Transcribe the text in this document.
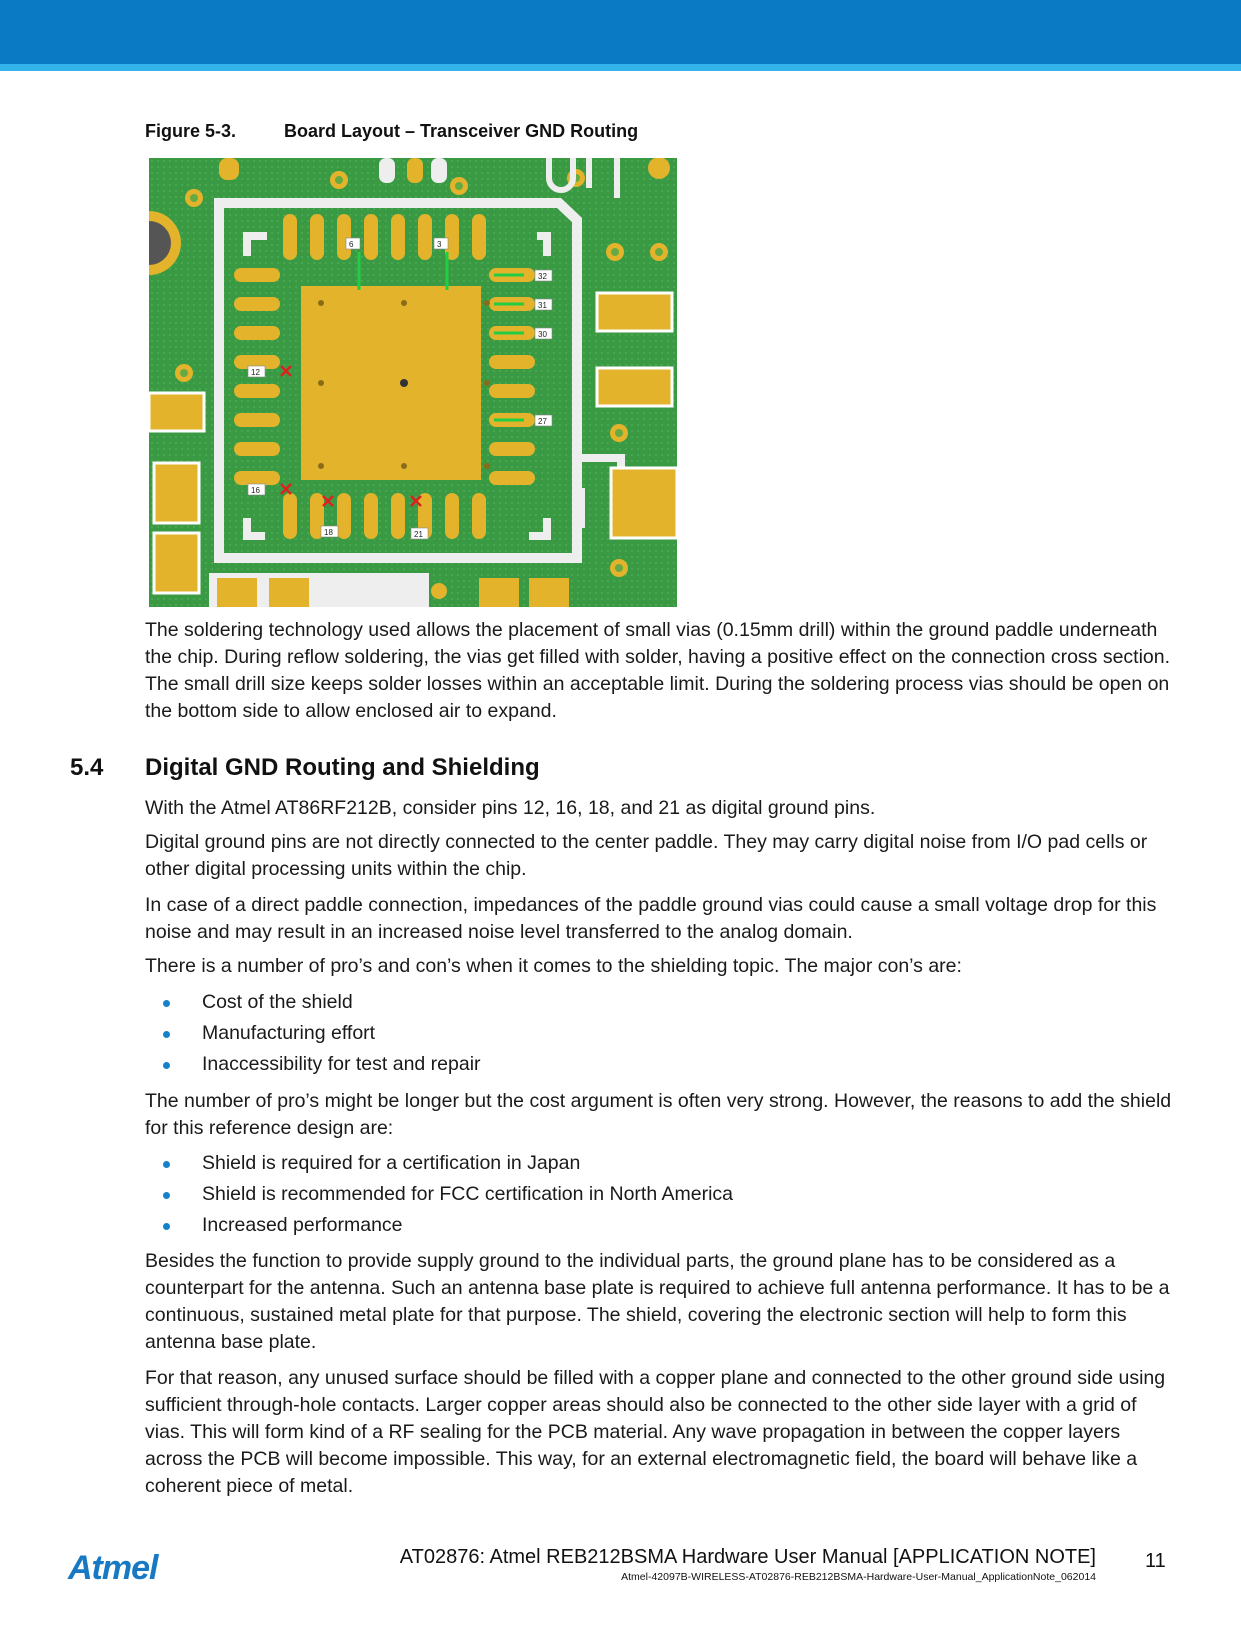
Figure 5-3.	Board Layout – Transceiver GND Routing
6	3
32
31
30
27
12
16
18	21

The soldering technology used allows the placement of small vias (0.15mm drill) within the ground paddle underneath the chip. During reflow soldering, the vias get filled with solder, having a positive effect on the connection cross section. The small drill size keeps solder losses within an acceptable limit. During the soldering process vias should be open on the bottom side to allow enclosed air to expand.

5.4 Digital GND Routing and Shielding

With the Atmel AT86RF212B, consider pins 12, 16, 18, and 21 as digital ground pins.

Digital ground pins are not directly connected to the center paddle. They may carry digital noise from I/O pad cells or other digital processing units within the chip.

In case of a direct paddle connection, impedances of the paddle ground vias could cause a small voltage drop for this noise and may result in an increased noise level transferred to the analog domain.

There is a number of pro’s and con’s when it comes to the shielding topic. The major con’s are:

Cost of the shield
Manufacturing effort
Inaccessibility for test and repair

The number of pro’s might be longer but the cost argument is often very strong. However, the reasons to add the shield for this reference design are:

Shield is required for a certification in Japan
Shield is recommended for FCC certification in North America
Increased performance

Besides the function to provide supply ground to the individual parts, the ground plane has to be considered as a counterpart for the antenna. Such an antenna base plate is required to achieve full antenna performance. It has to be a continuous, sustained metal plate for that purpose. The shield, covering the electronic section will help to form this antenna base plate.

For that reason, any unused surface should be filled with a copper plane and connected to the other ground side using sufficient through-hole contacts. Larger copper areas should also be connected to the other side layer with a grid of vias. This will form kind of a RF sealing for the PCB material. Any wave propagation in between the copper layers across the PCB will become impossible. This way, for an external electromagnetic field, the board will behave like a coherent piece of metal.

Atmel	AT02876: Atmel REB212BSMA Hardware User Manual [APPLICATION NOTE]
Atmel-42097B-WIRELESS-AT02876-REB212BSMA-Hardware-User-Manual_ApplicationNote_062014
11
